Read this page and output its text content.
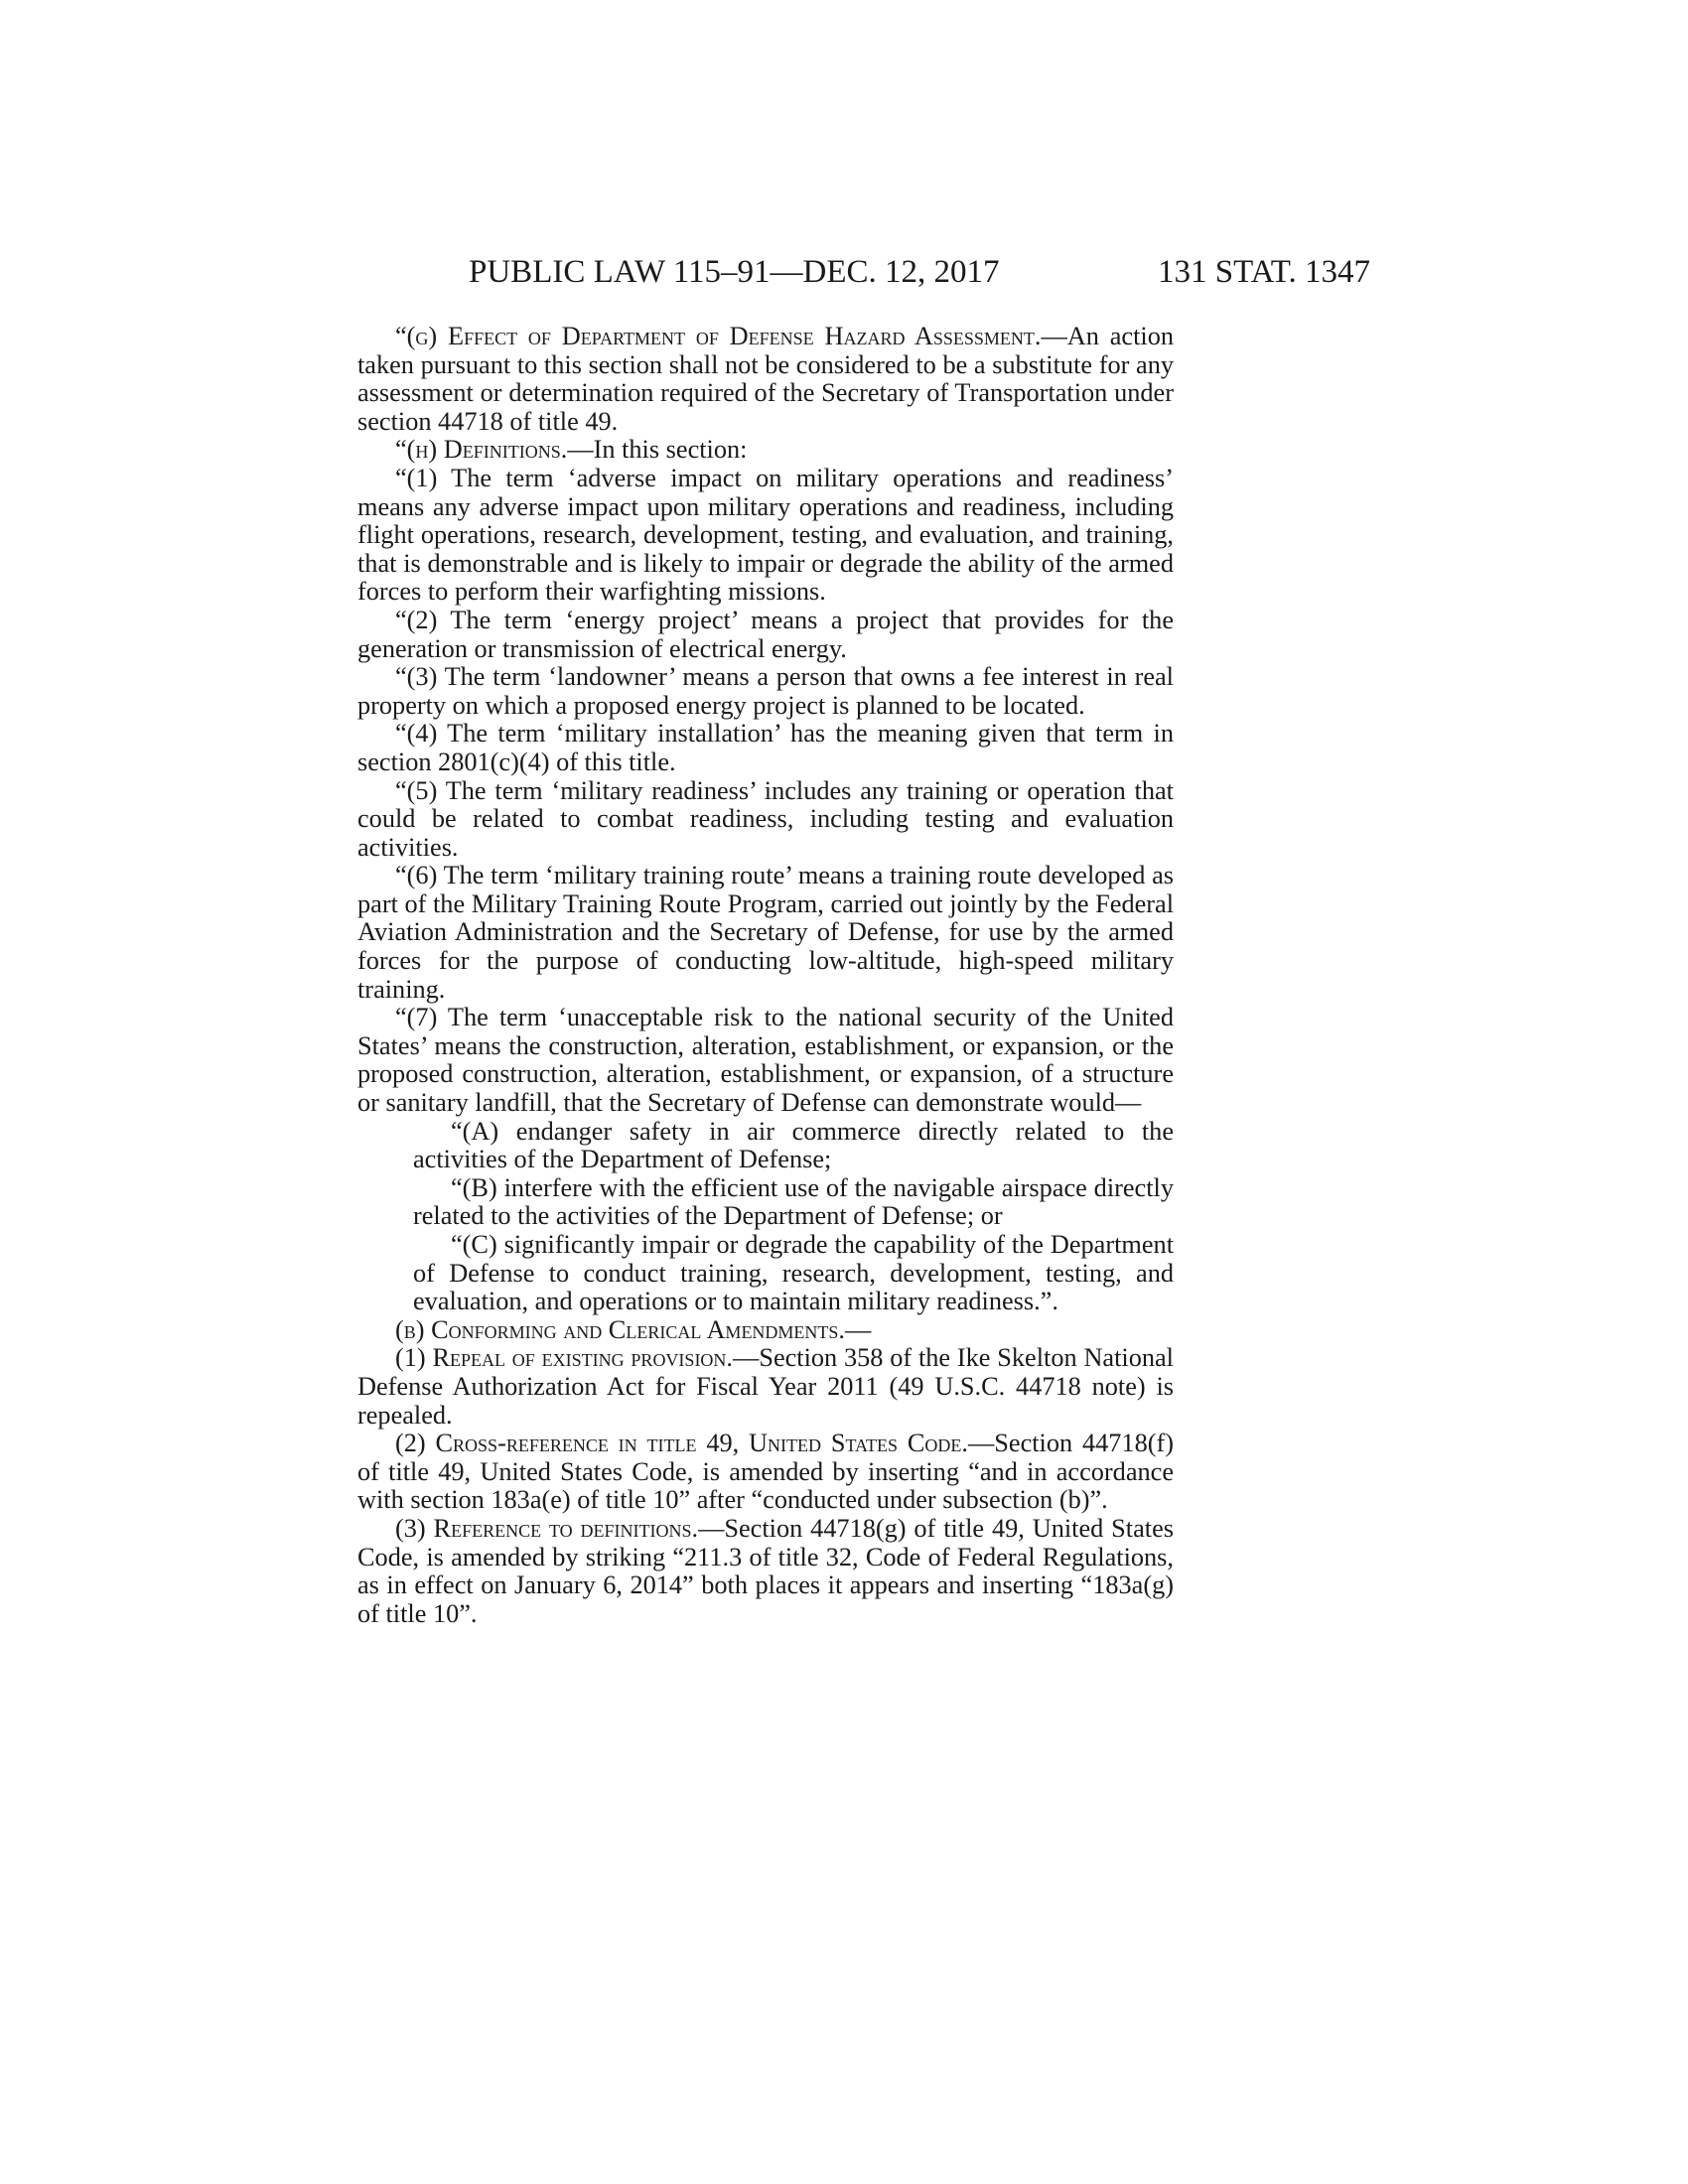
PUBLIC LAW 115–91—DEC. 12, 2017	131 STAT. 1347

“(g) Effect of Department of Defense Hazard Assessment.—An action taken pursuant to this section shall not be considered to be a substitute for any assessment or determination required of the Secretary of Transportation under section 44718 of title 49.

“(h) Definitions.—In this section:

“(1) The term ‘adverse impact on military operations and readiness’ means any adverse impact upon military operations and readiness, including flight operations, research, development, testing, and evaluation, and training, that is demonstrable and is likely to impair or degrade the ability of the armed forces to perform their warfighting missions.

“(2) The term ‘energy project’ means a project that provides for the generation or transmission of electrical energy.

“(3) The term ‘landowner’ means a person that owns a fee interest in real property on which a proposed energy project is planned to be located.

“(4) The term ‘military installation’ has the meaning given that term in section 2801(c)(4) of this title.

“(5) The term ‘military readiness’ includes any training or operation that could be related to combat readiness, including testing and evaluation activities.

“(6) The term ‘military training route’ means a training route developed as part of the Military Training Route Program, carried out jointly by the Federal Aviation Administration and the Secretary of Defense, for use by the armed forces for the purpose of conducting low-altitude, high-speed military training.

“(7) The term ‘unacceptable risk to the national security of the United States’ means the construction, alteration, establishment, or expansion, or the proposed construction, alteration, establishment, or expansion, of a structure or sanitary landfill, that the Secretary of Defense can demonstrate would—

“(A) endanger safety in air commerce directly related to the activities of the Department of Defense;

“(B) interfere with the efficient use of the navigable airspace directly related to the activities of the Department of Defense; or

“(C) significantly impair or degrade the capability of the Department of Defense to conduct training, research, development, testing, and evaluation, and operations or to maintain military readiness.”.

(b) Conforming and Clerical Amendments.—

(1) Repeal of existing provision.—Section 358 of the Ike Skelton National Defense Authorization Act for Fiscal Year 2011 (49 U.S.C. 44718 note) is repealed.

(2) Cross-reference in title 49, United States Code.—Section 44718(f) of title 49, United States Code, is amended by inserting “and in accordance with section 183a(e) of title 10” after “conducted under subsection (b)”.

(3) Reference to definitions.—Section 44718(g) of title 49, United States Code, is amended by striking “211.3 of title 32, Code of Federal Regulations, as in effect on January 6, 2014” both places it appears and inserting “183a(g) of title 10”.
